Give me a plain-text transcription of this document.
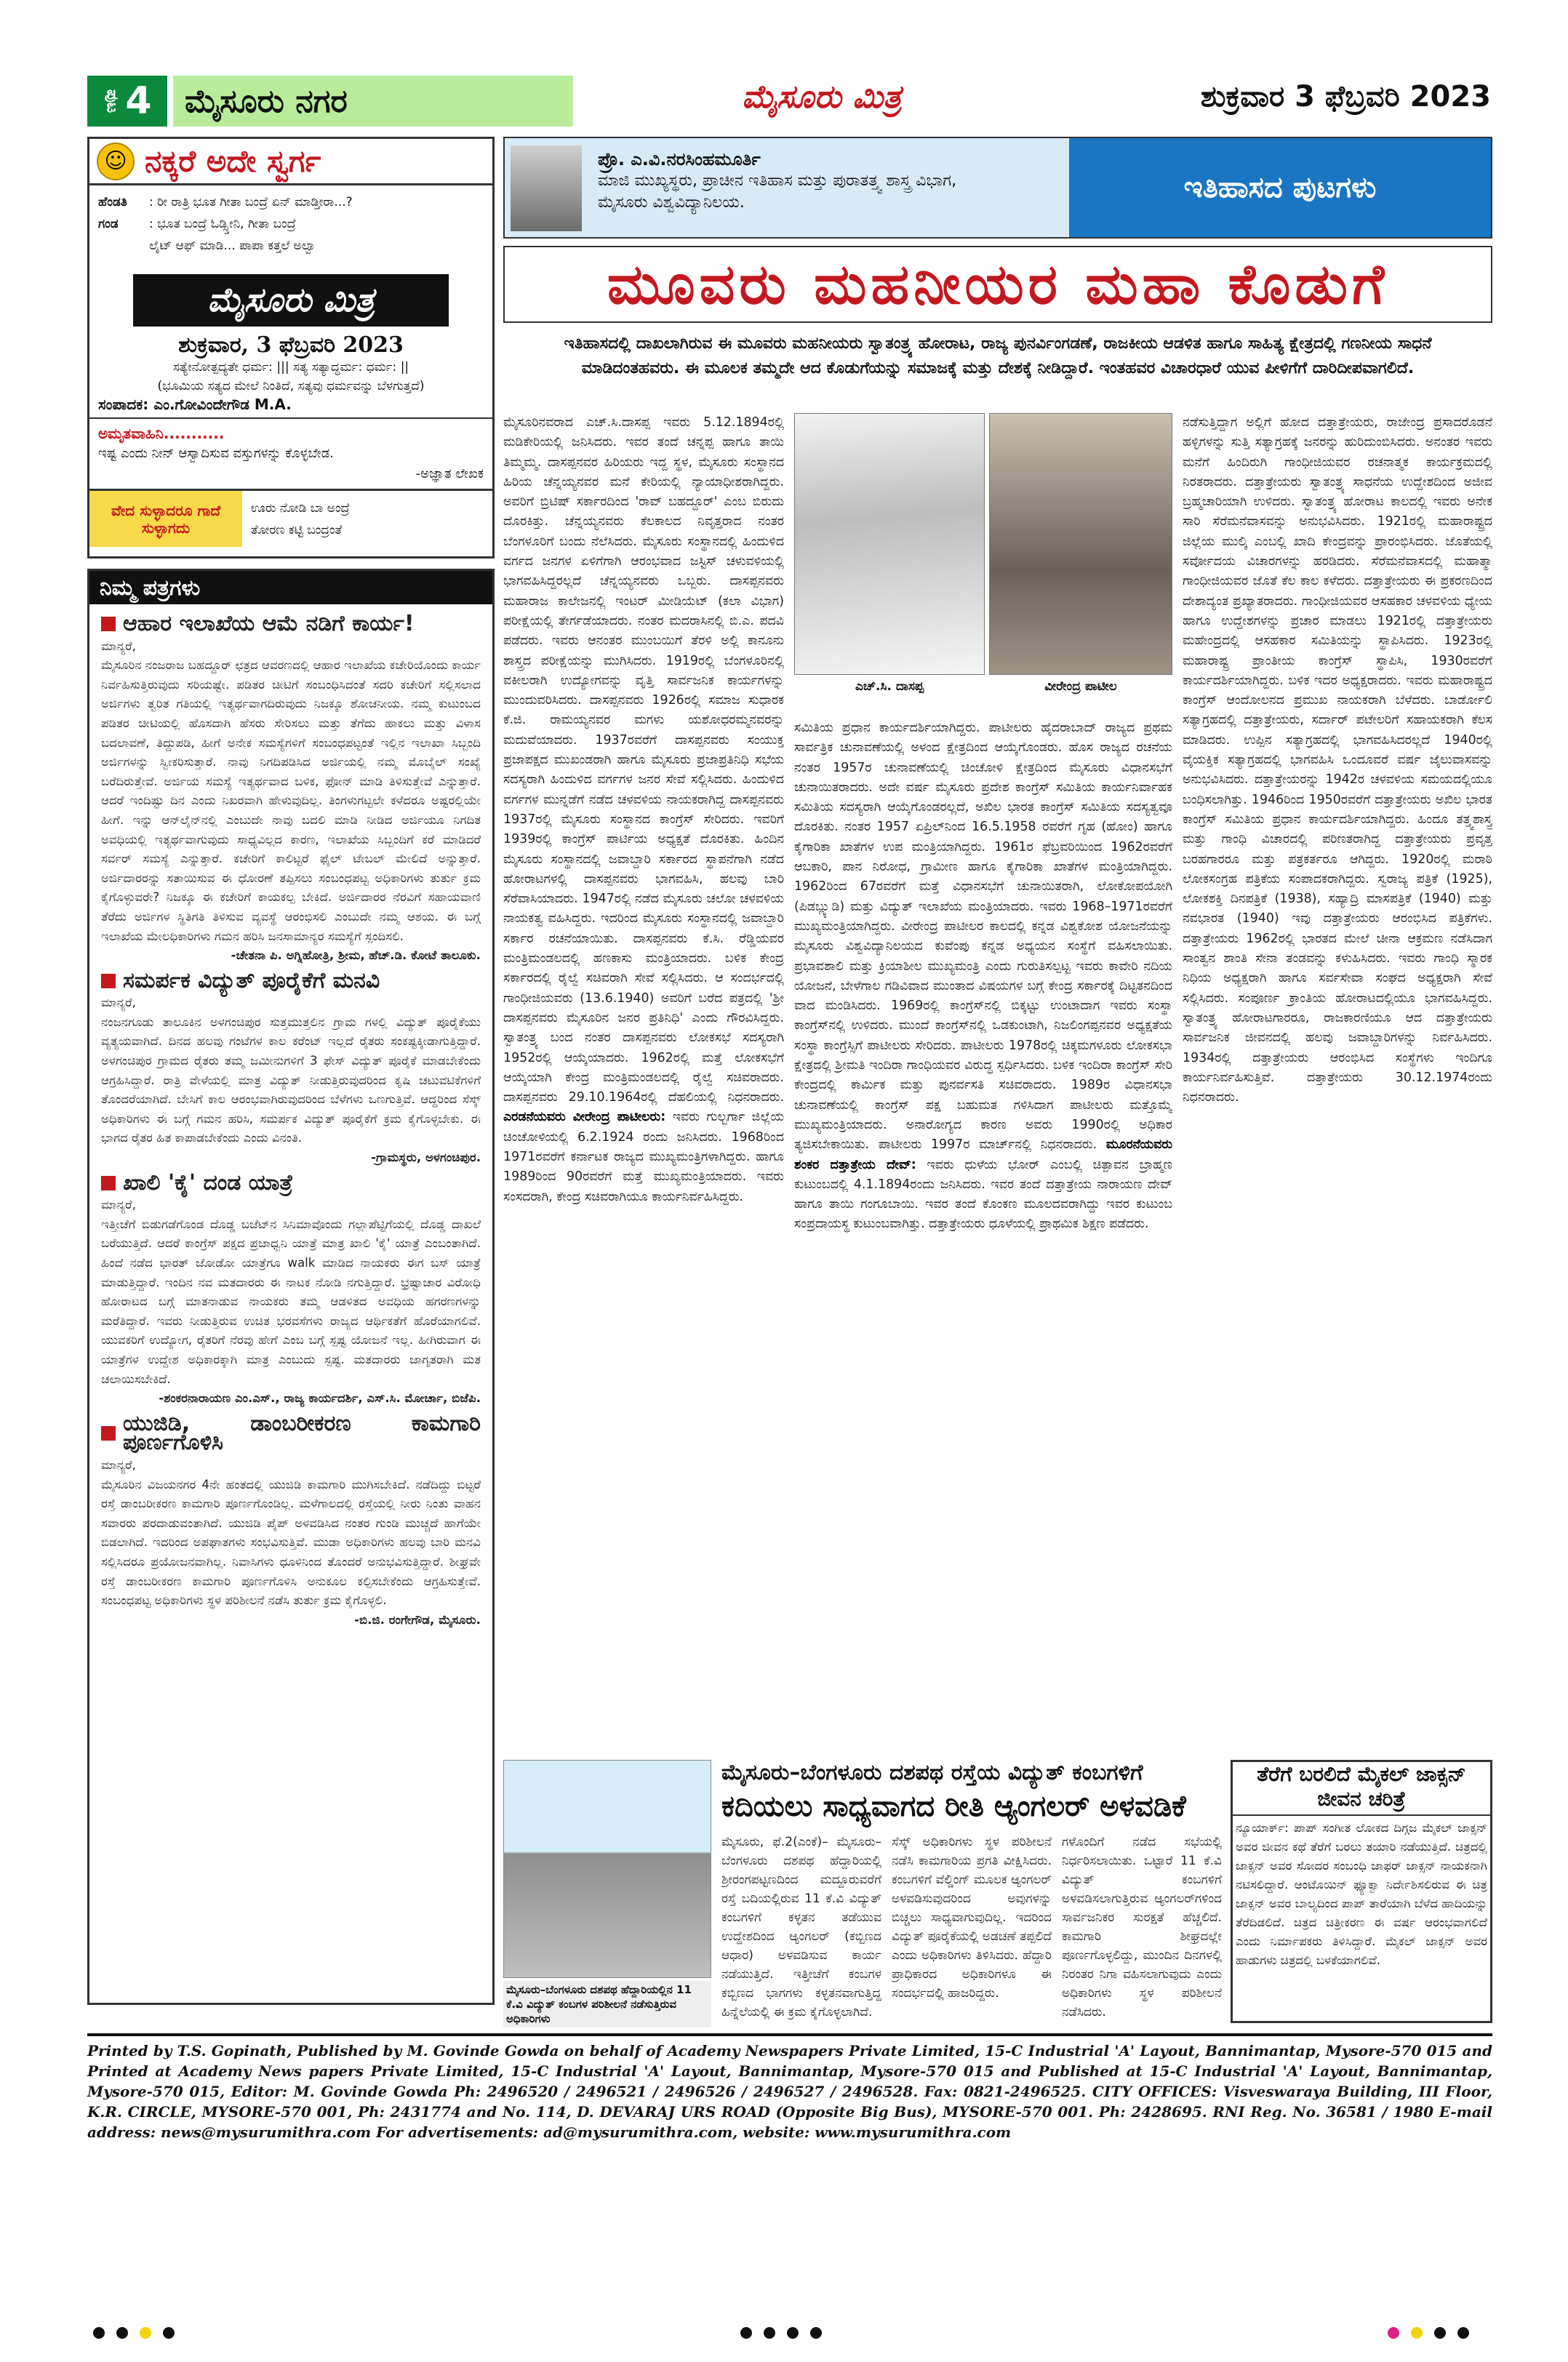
ಪುಟ 4	ಮೈಸೂರು ನಗರ	ಮೈಸೂರು ಮಿತ್ರ	ಶುಕ್ರವಾರ 3 ಫೆಬ್ರವರಿ 2023
☺ ನಕ್ಕರೆ ಅದೇ ಸ್ವರ್ಗ
ಹೆಂಡತಿ : ರೀ ರಾತ್ರಿ ಭೂತ ಗೀತಾ ಬಂದ್ರೆ ಏನ್ ಮಾಡ್ತೀರಾ...?
ಗಂಡ : ಭೂತ ಬಂದ್ರೆ ಓಡ್ಸ್ತೀನಿ, ಗೀತಾ ಬಂದ್ರೆ
ಲೈಟ್ ಆಫ್ ಮಾಡಿ... ಪಾಪಾ ಕತ್ತಲೆ ಅಲ್ವಾ
ಮೈಸೂರು ಮಿತ್ರ
ಶುಕ್ರವಾರ, 3 ಫೆಬ್ರವರಿ 2023
ಸತ್ಯೇನೋತ್ಪದ್ಯತೇ ಧರ್ಮ: ||| ಸತ್ಯ ಸತ್ಯಾದ್ಧರ್ಮ: ಧರ್ಮ: ||
(ಭೂಮಿಯ ಸತ್ಯದ ಮೇಲೆ ನಿಂತಿದೆ, ಸತ್ಯವು ಧರ್ಮವನ್ನು ಬೆಳಗುತ್ತದೆ)
ಸಂಪಾದಕ: ಎಂ.ಗೋವಿಂದೇಗೌಡ M.A.
ಅಮೃತವಾಹಿನಿ...........
ಇಷ್ಟ ಎಂದು ನೀನ್ ಆಸ್ವಾದಿಸುವ ವಸ್ತುಗಳನ್ನು ಕೊಳ್ಳಬೇಡ.
-ಅಜ್ಞಾತ ಲೇಖಕ
ವೇದ ಸುಳ್ಳಾದರೂ ಗಾದೆ ಸುಳ್ಳಾಗದು
ಊರು ನೋಡಿ ಬಾ ಅಂದ್ರೆ
ತೋರಣ ಕಟ್ಟಿ ಬಂದ್ರಂತೆ
ನಿಮ್ಮ ಪತ್ರಗಳು
ಆಹಾರ ಇಲಾಖೆಯ ಆಮೆ ನಡಿಗೆ ಕಾರ್ಯ!
ಮಾನ್ಯರೆ,
ಮೈಸೂರಿನ ನಂಜರಾಜ ಬಹದ್ದೂರ್ ಛತ್ರದ ಆವರಣದಲ್ಲಿ ಆಹಾರ ಇಲಾಖೆಯ ಕಚೇರಿಯೊಂದು ಕಾರ್ಯ ನಿರ್ವಹಿಸುತ್ತಿರುವುದು ಸರಿಯಷ್ಟೇ. ಪಡಿತರ ಚೀಟಿಗೆ ಸಂಬಂಧಿಸಿದಂತೆ ಸದರಿ ಕಚೇರಿಗೆ ಸಲ್ಲಿಸಲಾದ ಅರ್ಜಿಗಳು ತ್ವರಿತ ಗತಿಯಲ್ಲಿ ಇತ್ಯರ್ಥವಾಗದಿರುವುದು ನಿಜಕ್ಕೂ ಶೋಚನೀಯ. ನಮ್ಮ ಕುಟುಂಬದ ಪಡಿತರ ಚೀಟಿಯಲ್ಲಿ ಹೊಸದಾಗಿ ಹೆಸರು ಸೇರಿಸಲು ಮತ್ತು ತೆಗೆದು ಹಾಕಲು ಮತ್ತು ವಿಳಾಸ ಬದಲಾವಣೆ, ತಿದ್ದುಪಡಿ, ಹೀಗೆ ಅನೇಕ ಸಮಸ್ಯೆಗಳಿಗೆ ಸಂಬಂಧಪಟ್ಟಂತೆ ಇಲ್ಲಿನ ಇಲಾಖಾ ಸಿಬ್ಬಂದಿ ಅರ್ಜಿಗಳನ್ನು ಸ್ವೀಕರಿಸುತ್ತಾರೆ. ನಾವು ನಿಗದಿಪಡಿಸಿದ ಅರ್ಜಿಯಲ್ಲಿ ನಮ್ಮ ಮೊಬೈಲ್ ಸಂಖ್ಯೆ ಬರೆದಿರುತ್ತೇವೆ. ಅರ್ಜಿಯ ಸಮಸ್ಯೆ ಇತ್ಯರ್ಥವಾದ ಬಳಿಕ, ಫೋನ್ ಮಾಡಿ ತಿಳಿಸುತ್ತೇವೆ ಎನ್ನುತ್ತಾರೆ. ಆದರೆ ಇಂದಿಷ್ಟು ದಿನ ಎಂದು ನಿಖರವಾಗಿ ಹೇಳುವುದಿಲ್ಲ. ತಿಂಗಳುಗಟ್ಟಲೇ ಕಳೆದರೂ ಅಷ್ಟರಲ್ಲಿಯೇ ಹೀಗೆ. ಇನ್ನು ಆನ್‌ಲೈನ್‌ನಲ್ಲಿ ಎಂಬುದೇ ನಾವು ಬದಲಿ ಮಾಡಿ ನೀಡಿದ ಅರ್ಜಿಯೂ ನಿಗದಿತ ಅವಧಿಯಲ್ಲಿ ಇತ್ಯರ್ಥವಾಗುವುದು ಸಾಧ್ಯವಿಲ್ಲದ ಕಾರಣ, ಇಲಾಖೆಯ ಸಿಬ್ಬಂದಿಗೆ ಕರೆ ಮಾಡಿದರೆ ಸರ್ವರ್ ಸಮಸ್ಯೆ ಎನ್ನುತ್ತಾರೆ. ಕಚೇರಿಗೆ ಕಾಲಿಟ್ಟರೆ ಫೈಲ್ ಟೇಬಲ್ ಮೇಲಿದೆ ಅನ್ನುತ್ತಾರೆ. ಅರ್ಜಿದಾರರನ್ನು ಸತಾಯಿಸುವ ಈ ಧೋರಣೆ ತಪ್ಪಿಸಲು ಸಂಬಂಧಪಟ್ಟ ಅಧಿಕಾರಿಗಳು ತುರ್ತು ಕ್ರಮ ಕೈಗೊಳ್ಳುವರೇ? ನಿಜಕ್ಕೂ ಈ ಕಚೇರಿಗೆ ಕಾಯಕಲ್ಪ ಬೇಕಿದೆ. ಅರ್ಜಿದಾರರ ನೆರವಿಗೆ ಸಹಾಯವಾಣಿ ತೆರೆದು ಅರ್ಜಿಗಳ ಸ್ಥಿತಿಗತಿ ತಿಳಿಸುವ ವ್ಯವಸ್ಥೆ ಆರಂಭಿಸಲಿ ಎಂಬುದೇ ನಮ್ಮ ಆಶಯ. ಈ ಬಗ್ಗೆ ಇಲಾಖೆಯ ಮೇಲಧಿಕಾರಿಗಳು ಗಮನ ಹರಿಸಿ ಜನಸಾಮಾನ್ಯರ ಸಮಸ್ಯೆಗೆ ಸ್ಪಂದಿಸಲಿ.
-ಚೇತನಾ ಪಿ. ಅಗ್ನಿಹೋತ್ರಿ, ಶ್ರೀಮ, ಹೆಚ್.ಡಿ. ಕೋಟೆ ತಾಲೂಕು.
ಸಮರ್ಪಕ ವಿದ್ಯುತ್ ಪೂರೈಕೆಗೆ ಮನವಿ
ಮಾನ್ಯರೆ,
ನಂಜನಗೂಡು ತಾಲೂಕಿನ ಅಳಗಂಚಿಪುರ ಸುತ್ತಮುತ್ತಲಿನ ಗ್ರಾಮ ಗಳಲ್ಲಿ ವಿದ್ಯುತ್ ಪೂರೈಕೆಯು ವ್ಯತ್ಯಯವಾಗಿದೆ. ದಿನದ ಹಲವು ಗಂಟೆಗಳ ಕಾಲ ಕರೆಂಟ್ ಇಲ್ಲದೆ ರೈತರು ಸಂಕಷ್ಟಕ್ಕೀಡಾಗುತ್ತಿದ್ದಾರೆ. ಅಳಗಂಚಿಪುರ ಗ್ರಾಮದ ರೈತರು ತಮ್ಮ ಜಮೀನುಗಳಿಗೆ 3 ಫೇಸ್ ವಿದ್ಯುತ್ ಪೂರೈಕೆ ಮಾಡಬೇಕೆಂದು ಆಗ್ರಹಿಸಿದ್ದಾರೆ. ರಾತ್ರಿ ವೇಳೆಯಲ್ಲಿ ಮಾತ್ರ ವಿದ್ಯುತ್ ನೀಡುತ್ತಿರುವುದರಿಂದ ಕೃಷಿ ಚಟುವಟಿಕೆಗಳಿಗೆ ತೊಂದರೆಯಾಗಿದೆ. ಬೇಸಿಗೆ ಕಾಲ ಆರಂಭವಾಗಿರುವುದರಿಂದ ಬೆಳೆಗಳು ಒಣಗುತ್ತಿವೆ. ಆದ್ದರಿಂದ ಸೆಸ್ಕ್ ಅಧಿಕಾರಿಗಳು ಈ ಬಗ್ಗೆ ಗಮನ ಹರಿಸಿ, ಸಮರ್ಪಕ ವಿದ್ಯುತ್ ಪೂರೈಕೆಗೆ ಕ್ರಮ ಕೈಗೊಳ್ಳಬೇಕು. ಈ ಭಾಗದ ರೈತರ ಹಿತ ಕಾಪಾಡಬೇಕೆಂದು ಎಂದು ವಿನಂತಿ.
-ಗ್ರಾಮಸ್ಥರು, ಅಳಗಂಚಿಪುರ.
ಖಾಲಿ 'ಕೈ' ದಂಡ ಯಾತ್ರೆ
ಮಾನ್ಯರೆ,
ಇತ್ತೀಚೆಗೆ ಬಿಡುಗಡೆಗೊಂಡ ದೊಡ್ಡ ಬಜೆಟ್‌ನ ಸಿನಿಮಾವೊಂದು ಗಲ್ಲಾಪೆಟ್ಟಿಗೆಯಲ್ಲಿ ದೊಡ್ಡ ದಾಖಲೆ ಬರೆಯುತ್ತಿದೆ. ಆದರೆ ಕಾಂಗ್ರೆಸ್ ಪಕ್ಷದ ಪ್ರಜಾಧ್ವನಿ ಯಾತ್ರೆ ಮಾತ್ರ ಖಾಲಿ 'ಕೈ' ಯಾತ್ರೆ ಎಂಬಂತಾಗಿದೆ. ಹಿಂದೆ ನಡೆದ ಭಾರತ್ ಜೋಡೋ ಯಾತ್ರೆಗೂ walk ಮಾಡಿದ ನಾಯಕರು ಈಗ ಬಸ್ ಯಾತ್ರೆ ಮಾಡುತ್ತಿದ್ದಾರೆ. ಇಂದಿನ ನವ ಮತದಾರರು ಈ ನಾಟಕ ನೋಡಿ ನಗುತ್ತಿದ್ದಾರೆ. ಭ್ರಷ್ಟಾಚಾರ ವಿರೋಧಿ ಹೋರಾಟದ ಬಗ್ಗೆ ಮಾತನಾಡುವ ನಾಯಕರು ತಮ್ಮ ಆಡಳಿತದ ಅವಧಿಯ ಹಗರಣಗಳನ್ನು ಮರೆತಿದ್ದಾರೆ. ಇವರು ನೀಡುತ್ತಿರುವ ಉಚಿತ ಭರವಸೆಗಳು ರಾಜ್ಯದ ಆರ್ಥಿಕತೆಗೆ ಹೊರೆಯಾಗಲಿವೆ. ಯುವಕರಿಗೆ ಉದ್ಯೋಗ, ರೈತರಿಗೆ ನೆರವು ಹೇಗೆ ಎಂಬ ಬಗ್ಗೆ ಸ್ಪಷ್ಟ ಯೋಜನೆ ಇಲ್ಲ. ಹೀಗಿರುವಾಗ ಈ ಯಾತ್ರೆಗಳ ಉದ್ದೇಶ ಅಧಿಕಾರಕ್ಕಾಗಿ ಮಾತ್ರ ಎಂಬುದು ಸ್ಪಷ್ಟ. ಮತದಾರರು ಜಾಗೃತರಾಗಿ ಮತ ಚಲಾಯಿಸಬೇಕಿದೆ.
-ಶಂಕರನಾರಾಯಣ ಎಂ.ಎಸ್., ರಾಜ್ಯ ಕಾರ್ಯದರ್ಶಿ, ಎಸ್.ಸಿ. ಮೋರ್ಚಾ, ಬಿಜೆಪಿ.
ಯುಜಿಡಿ, ಡಾಂಬರೀಕರಣ ಕಾಮಗಾರಿ ಪೂರ್ಣಗೊಳಿಸಿ
ಮಾನ್ಯರೆ,
ಮೈಸೂರಿನ ವಿಜಯನಗರ 4ನೇ ಹಂತದಲ್ಲಿ ಯುಜಿಡಿ ಕಾಮಗಾರಿ ಮುಗಿಸಬೇಕಿದೆ. ನಡೆದಿದ್ದು ಬಿಟ್ಟರೆ ರಸ್ತೆ ಡಾಂಬರೀಕರಣ ಕಾಮಗಾರಿ ಪೂರ್ಣಗೊಂಡಿಲ್ಲ. ಮಳೆಗಾಲದಲ್ಲಿ ರಸ್ತೆಯಲ್ಲಿ ನೀರು ನಿಂತು ವಾಹನ ಸವಾರರು ಪರದಾಡುವಂತಾಗಿದೆ. ಯುಜಿಡಿ ಪೈಪ್ ಅಳವಡಿಸಿದ ನಂತರ ಗುಂಡಿ ಮುಚ್ಚದೆ ಹಾಗೆಯೇ ಬಿಡಲಾಗಿದೆ. ಇದರಿಂದ ಅಪಘಾತಗಳು ಸಂಭವಿಸುತ್ತಿವೆ. ಮುಡಾ ಅಧಿಕಾರಿಗಳು ಹಲವು ಬಾರಿ ಮನವಿ ಸಲ್ಲಿಸಿದರೂ ಪ್ರಯೋಜನವಾಗಿಲ್ಲ. ನಿವಾಸಿಗಳು ಧೂಳಿನಿಂದ ತೊಂದರೆ ಅನುಭವಿಸುತ್ತಿದ್ದಾರೆ. ಶೀಘ್ರವೇ ರಸ್ತೆ ಡಾಂಬರೀಕರಣ ಕಾಮಗಾರಿ ಪೂರ್ಣಗೊಳಿಸಿ ಅನುಕೂಲ ಕಲ್ಪಿಸಬೇಕೆಂದು ಆಗ್ರಹಿಸುತ್ತೇವೆ. ಸಂಬಂಧಪಟ್ಟ ಅಧಿಕಾರಿಗಳು ಸ್ಥಳ ಪರಿಶೀಲನೆ ನಡೆಸಿ ತುರ್ತು ಕ್ರಮ ಕೈಗೊಳ್ಳಲಿ.
-ಬಿ.ಜಿ. ರಂಗೇಗೌಡ, ಮೈಸೂರು.
ಪ್ರೊ. ಎ.ವಿ.ನರಸಿಂಹಮೂರ್ತಿ
ಮಾಜಿ ಮುಖ್ಯಸ್ಥರು, ಪ್ರಾಚೀನ ಇತಿಹಾಸ ಮತ್ತು ಪುರಾತತ್ತ್ವ ಶಾಸ್ತ್ರ ವಿಭಾಗ,
ಮೈಸೂರು ವಿಶ್ವವಿದ್ಯಾನಿಲಯ.	ಇತಿಹಾಸದ ಪುಟಗಳು
ಮೂವರು ಮಹನೀಯರ ಮಹಾ ಕೊಡುಗೆ
ಇತಿಹಾಸದಲ್ಲಿ ದಾಖಲಾಗಿರುವ ಈ ಮೂವರು ಮಹನೀಯರು ಸ್ವಾತಂತ್ರ್ಯ ಹೋರಾಟ, ರಾಜ್ಯ ಪುನರ್ವಿಂಗಡಣೆ, ರಾಜಕೀಯ ಆಡಳಿತ ಹಾಗೂ ಸಾಹಿತ್ಯ ಕ್ಷೇತ್ರದಲ್ಲಿ ಗಣನೀಯ ಸಾಧನೆ ಮಾಡಿದಂತಹವರು. ಈ ಮೂಲಕ ತಮ್ಮದೇ ಆದ ಕೊಡುಗೆಯನ್ನು ಸಮಾಜಕ್ಕೆ ಮತ್ತು ದೇಶಕ್ಕೆ ನೀಡಿದ್ದಾರೆ. ಇಂತಹವರ ವಿಚಾರಧಾರೆ ಯುವ ಪೀಳಿಗೆಗೆ ದಾರಿದೀಪವಾಗಲಿದೆ.
ಮೈಸೂರಿನವರಾದ ಎಚ್.ಸಿ.ದಾಸಪ್ಪ ಇವರು 5.12.1894ರಲ್ಲಿ ಮಡಿಕೇರಿಯಲ್ಲಿ ಜನಿಸಿದರು. ಇವರ ತಂದೆ ಚನ್ನಪ್ಪ ಹಾಗೂ ತಾಯಿ ತಿಮ್ಮಮ್ಮ. ದಾಸಪ್ಪನವರ ಹಿರಿಯರು ಇದ್ದ ಸ್ಥಳ, ಮೈಸೂರು ಸಂಸ್ಥಾನದ ಹಿರಿಯ ಚೆನ್ನಯ್ಯನವರ ಮನೆ ಕೇರಿಯಲ್ಲಿ ನ್ಯಾಯಾಧೀಶರಾಗಿದ್ದರು. ಅವರಿಗೆ ಬ್ರಿಟಿಷ್ ಸರ್ಕಾರದಿಂದ 'ರಾವ್ ಬಹದ್ದೂರ್' ಎಂಬ ಬಿರುದು ದೊರಕಿತ್ತು. ಚೆನ್ನಯ್ಯನವರು ಕೆಲಕಾಲದ ನಿವೃತ್ತರಾದ ನಂತರ ಬೆಂಗಳೂರಿಗೆ ಬಂದು ನೆಲೆಸಿದರು. ಮೈಸೂರು ಸಂಸ್ಥಾನದಲ್ಲಿ ಹಿಂದುಳಿದ ವರ್ಗದ ಜನಗಳ ಏಳಿಗೆಗಾಗಿ ಆರಂಭವಾದ ಜಸ್ಟಿಸ್ ಚಳುವಳಿಯಲ್ಲಿ ಭಾಗವಹಿಸಿದ್ದರಲ್ಲದೆ ಚೆನ್ನಯ್ಯನವರು ಒಬ್ಬರು. ದಾಸಪ್ಪನವರು ಮಹಾರಾಜ ಕಾಲೇಜನಲ್ಲಿ ಇಂಟರ್ ಮೀಡಿಯೆಟ್ (ಕಲಾ ವಿಭಾಗ) ಪರೀಕ್ಷೆಯಲ್ಲಿ ತೇರ್ಗಡೆಯಾದರು. ನಂತರ ಮದರಾಸಿನಲ್ಲಿ ಬಿ.ಎ. ಪದವಿ ಪಡೆದರು. ಇವರು ಆನಂತರ ಮುಂಬಯಿಗೆ ತೆರಳಿ ಅಲ್ಲಿ ಕಾನೂನು ಶಾಸ್ತ್ರದ ಪರೀಕ್ಷೆಯನ್ನು ಮುಗಿಸಿದರು. 1919ರಲ್ಲಿ ಬೆಂಗಳೂರಿನಲ್ಲಿ ವಕೀಲರಾಗಿ ಉದ್ಯೋಗವನ್ನು ವೃತ್ತಿ ಸಾರ್ವಜನಿಕ ಕಾರ್ಯಗಳನ್ನು ಮುಂದುವರಿಸಿದರು. ದಾಸಪ್ಪನವರು 1926ರಲ್ಲಿ ಸಮಾಜ ಸುಧಾರಕ ಕೆ.ಜಿ. ರಾಮಯ್ಯನವರ ಮಗಳು ಯಶೋಧರಮ್ಮನವರನ್ನು ಮದುವೆಯಾದರು. 1937ರವರೆಗೆ ದಾಸಪ್ಪನವರು ಸಂಯುಕ್ತ ಪ್ರಜಾಪಕ್ಷದ ಮುಖಂಡರಾಗಿ ಹಾಗೂ ಮೈಸೂರು ಪ್ರಜಾಪ್ರತಿನಿಧಿ ಸಭೆಯ ಸದಸ್ಯರಾಗಿ ಹಿಂದುಳಿದ ವರ್ಗಗಳ ಜನರ ಸೇವೆ ಸಲ್ಲಿಸಿದರು. ಹಿಂದುಳಿದ ವರ್ಗಗಳ ಮುನ್ನಡೆಗೆ ನಡೆದ ಚಳವಳಿಯ ನಾಯಕರಾಗಿದ್ದ ದಾಸಪ್ಪನವರು 1937ರಲ್ಲಿ ಮೈಸೂರು ಸಂಸ್ಥಾನದ ಕಾಂಗ್ರೆಸ್ ಸೇರಿದರು. ಇವರಿಗೆ 1939ರಲ್ಲಿ ಕಾಂಗ್ರೆಸ್ ಪಾರ್ಟಿಯ ಅಧ್ಯಕ್ಷತೆ ದೊರಕಿತು. ಹಿಂದಿನ ಮೈಸೂರು ಸಂಸ್ಥಾನದಲ್ಲಿ ಜವಾಬ್ದಾರಿ ಸರ್ಕಾರದ ಸ್ಥಾಪನೆಗಾಗಿ ನಡೆದ ಹೋರಾಟಗಳಲ್ಲಿ ದಾಸಪ್ಪನವರು ಭಾಗವಹಿಸಿ, ಹಲವು ಬಾರಿ ಸೆರೆವಾಸಿಯಾದರು. 1947ರಲ್ಲಿ ನಡೆದ ಮೈಸೂರು ಚಲೋ ಚಳವಳಿಯ ನಾಯಕತ್ವ ವಹಿಸಿದ್ದರು. ಇದರಿಂದ ಮೈಸೂರು ಸಂಸ್ಥಾನದಲ್ಲಿ ಜವಾಬ್ದಾರಿ ಸರ್ಕಾರ ರಚನೆಯಾಯಿತು. ದಾಸಪ್ಪನವರು ಕೆ.ಸಿ. ರೆಡ್ಡಿಯವರ ಮಂತ್ರಿಮಂಡಲದಲ್ಲಿ ಹಣಕಾಸು ಮಂತ್ರಿಯಾದರು. ಬಳಿಕ ಕೇಂದ್ರ ಸರ್ಕಾರದಲ್ಲಿ ರೈಲ್ವೆ ಸಚಿವರಾಗಿ ಸೇವೆ ಸಲ್ಲಿಸಿದರು. ಆ ಸಂದರ್ಭದಲ್ಲಿ ಗಾಂಧೀಜಿಯವರು (13.6.1940) ಅವರಿಗೆ ಬರೆದ ಪತ್ರದಲ್ಲಿ 'ಶ್ರೀ ದಾಸಪ್ಪನವರು ಮೈಸೂರಿನ ಜನರ ಪ್ರತಿನಿಧಿ' ಎಂದು ಗೌರವಿಸಿದ್ದರು. ಸ್ವಾತಂತ್ರ್ಯ ಬಂದ ನಂತರ ದಾಸಪ್ಪನವರು ಲೋಕಸಭೆ ಸದಸ್ಯರಾಗಿ 1952ರಲ್ಲಿ ಆಯ್ಕೆಯಾದರು. 1962ರಲ್ಲಿ ಮತ್ತೆ ಲೋಕಸಭೆಗೆ ಆಯ್ಕೆಯಾಗಿ ಕೇಂದ್ರ ಮಂತ್ರಿಮಂಡಲದಲ್ಲಿ ರೈಲ್ವೆ ಸಚಿವರಾದರು. ದಾಸಪ್ಪನವರು 29.10.1964ರಲ್ಲಿ ದೆಹಲಿಯಲ್ಲಿ ನಿಧನರಾದರು. ಎರಡನೆಯವರು ವೀರೇಂದ್ರ ಪಾಟೀಲರು: ಇವರು ಗುಲ್ಬರ್ಗಾ ಜಿಲ್ಲೆಯ ಚಿಂಚೋಳಿಯಲ್ಲಿ 6.2.1924 ರಂದು ಜನಿಸಿದರು. 1968ರಿಂದ 1971ರವರೆಗೆ ಕರ್ನಾಟಕ ರಾಜ್ಯದ ಮುಖ್ಯಮಂತ್ರಿಗಳಾಗಿದ್ದರು. ಹಾಗೂ 1989ರಿಂದ 90ರವರೆಗೆ ಮತ್ತೆ ಮುಖ್ಯಮಂತ್ರಿಯಾದರು. ಇವರು ಸಂಸದರಾಗಿ, ಕೇಂದ್ರ ಸಚಿವರಾಗಿಯೂ ಕಾರ್ಯನಿರ್ವಹಿಸಿದ್ದರು.
ಎಚ್.ಸಿ. ದಾಸಪ್ಪ	ವೀರೇಂದ್ರ ಪಾಟೀಲ
ಸಮಿತಿಯ ಪ್ರಧಾನ ಕಾರ್ಯದರ್ಶಿಯಾಗಿದ್ದರು. ಪಾಟೀಲರು ಹೈದರಾಬಾದ್ ರಾಜ್ಯದ ಪ್ರಥಮ ಸಾರ್ವತ್ರಿಕ ಚುನಾವಣೆಯಲ್ಲಿ ಅಳಂದ ಕ್ಷೇತ್ರದಿಂದ ಆಯ್ಕೆಗೊಂಡರು. ಹೊಸ ರಾಜ್ಯದ ರಚನೆಯ ನಂತರ 1957ರ ಚುನಾವಣೆಯಲ್ಲಿ ಚಿಂಚೋಳಿ ಕ್ಷೇತ್ರದಿಂದ ಮೈಸೂರು ವಿಧಾನಸಭೆಗೆ ಚುನಾಯಿತರಾದರು. ಅದೇ ವರ್ಷ ಮೈಸೂರು ಪ್ರದೇಶ ಕಾಂಗ್ರೆಸ್ ಸಮಿತಿಯ ಕಾರ್ಯನಿರ್ವಾಹಕ ಸಮಿತಿಯ ಸದಸ್ಯರಾಗಿ ಆಯ್ಕೆಗೊಂಡರಲ್ಲದೆ, ಅಖಿಲ ಭಾರತ ಕಾಂಗ್ರೆಸ್ ಸಮಿತಿಯ ಸದಸ್ಯತ್ವವೂ ದೊರಕಿತು. ನಂತರ 1957 ಏಪ್ರಿಲ್‌ನಿಂದ 16.5.1958 ರವರೆಗೆ ಗೃಹ (ಹೋಂ) ಹಾಗೂ ಕೈಗಾರಿಕಾ ಖಾತೆಗಳ ಉಪ ಮಂತ್ರಿಯಾಗಿದ್ದರು. 1961ರ ಫೆಬ್ರವರಿಯಿಂದ 1962ರವರೆಗೆ ಆಬಕಾರಿ, ಪಾನ ನಿರೋಧ, ಗ್ರಾಮೀಣ ಹಾಗೂ ಕೈಗಾರಿಕಾ ಖಾತೆಗಳ ಮಂತ್ರಿಯಾಗಿದ್ದರು. 1962ರಿಂದ 67ರವರೆಗೆ ಮತ್ತೆ ವಿಧಾನಸಭೆಗೆ ಚುನಾಯಿತರಾಗಿ, ಲೋಕೋಪಯೋಗಿ (ಪಿಡಬ್ಲ್ಯುಡಿ) ಮತ್ತು ವಿದ್ಯುತ್ ಇಲಾಖೆಯ ಮಂತ್ರಿಯಾದರು. ಇವರು 1968–1971ರವರೆಗೆ ಮುಖ್ಯಮಂತ್ರಿಯಾಗಿದ್ದರು. ವೀರೇಂದ್ರ ಪಾಟೀಲರ ಕಾಲದಲ್ಲಿ ಕನ್ನಡ ವಿಶ್ವಕೋಶ ಯೋಜನೆಯನ್ನು ಮೈಸೂರು ವಿಶ್ವವಿದ್ಯಾನಿಲಯದ ಕುವೆಂಪು ಕನ್ನಡ ಅಧ್ಯಯನ ಸಂಸ್ಥೆಗೆ ವಹಿಸಲಾಯಿತು. ಪ್ರಭಾವಶಾಲಿ ಮತ್ತು ಕ್ರಿಯಾಶೀಲ ಮುಖ್ಯಮಂತ್ರಿ ಎಂದು ಗುರುತಿಸಲ್ಪಟ್ಟ ಇವರು ಕಾವೇರಿ ನದಿಯ ಯೋಜನೆ, ಬೇಳೆಗಾಲ ಗಡಿವಿವಾದ ಮುಂತಾದ ವಿಷಯಗಳ ಬಗ್ಗೆ ಕೇಂದ್ರ ಸರ್ಕಾರಕ್ಕೆ ದಿಟ್ಟತನದಿಂದ ವಾದ ಮಂಡಿಸಿದರು. 1969ರಲ್ಲಿ ಕಾಂಗ್ರೆಸ್‌ನಲ್ಲಿ ಬಿಕ್ಕಟ್ಟು ಉಂಟಾದಾಗ ಇವರು ಸಂಸ್ಥಾ ಕಾಂಗ್ರೆಸ್‌ನಲ್ಲಿ ಉಳಿದರು. ಮುಂದೆ ಕಾಂಗ್ರೆಸ್‌ನಲ್ಲಿ ಒಡಕುಂಟಾಗಿ, ನಿಜಲಿಂಗಪ್ಪನವರ ಅಧ್ಯಕ್ಷತೆಯ ಸಂಸ್ಥಾ ಕಾಂಗ್ರೆಸ್ಸಿಗೆ ಪಾಟೀಲರು ಸೇರಿದರು. ಪಾಟೀಲರು 1978ರಲ್ಲಿ ಚಿಕ್ಕಮಗಳೂರು ಲೋಕಸಭಾ ಕ್ಷೇತ್ರದಲ್ಲಿ ಶ್ರೀಮತಿ ಇಂದಿರಾ ಗಾಂಧಿಯವರ ವಿರುದ್ಧ ಸ್ಪರ್ಧಿಸಿದರು. ಬಳಿಕ ಇಂದಿರಾ ಕಾಂಗ್ರೆಸ್ ಸೇರಿ ಕೇಂದ್ರದಲ್ಲಿ ಕಾರ್ಮಿಕ ಮತ್ತು ಪುನರ್ವಸತಿ ಸಚಿವರಾದರು. 1989ರ ವಿಧಾನಸಭಾ ಚುನಾವಣೆಯಲ್ಲಿ ಕಾಂಗ್ರೆಸ್ ಪಕ್ಷ ಬಹುಮತ ಗಳಿಸಿದಾಗ ಪಾಟೀಲರು ಮತ್ತೊಮ್ಮೆ ಮುಖ್ಯಮಂತ್ರಿಯಾದರು. ಅನಾರೋಗ್ಯದ ಕಾರಣ ಅವರು 1990ರಲ್ಲಿ ಅಧಿಕಾರ ತ್ಯಜಿಸಬೇಕಾಯಿತು. ಪಾಟೀಲರು 1997ರ ಮಾರ್ಚ್‌ನಲ್ಲಿ ನಿಧನರಾದರು. ಮೂರನೆಯವರು ಶಂಕರ ದತ್ತಾತ್ರೇಯ ದೇವ್: ಇವರು ಧುಳೆಯ ಭೋರ್ ಎಂಬಲ್ಲಿ ಚಿತ್ಪಾವನ ಬ್ರಾಹ್ಮಣ ಕುಟುಂಬದಲ್ಲಿ 4.1.1894ರಂದು ಜನಿಸಿದರು. ಇವರ ತಂದೆ ದತ್ತಾತ್ರೇಯ ನಾರಾಯಣ ದೇವ್ ಹಾಗೂ ತಾಯಿ ಗಂಗೂಬಾಯಿ. ಇವರ ತಂದೆ ಕೊಂಕಣ ಮೂಲದವರಾಗಿದ್ದು ಇವರ ಕುಟುಂಬ ಸಂಪ್ರದಾಯಸ್ಥ ಕುಟುಂಬವಾಗಿತ್ತು. ದತ್ತಾತ್ರೇಯರು ಧೂಳೆಯಲ್ಲಿ ಪ್ರಾಥಮಿಕ ಶಿಕ್ಷಣ ಪಡೆದರು.
ನಡೆಸುತ್ತಿದ್ದಾಗ ಅಲ್ಲಿಗೆ ಹೋದ ದತ್ತಾತ್ರೇಯರು, ರಾಜೇಂದ್ರ ಪ್ರಸಾದರೊಡನೆ ಹಳ್ಳಿಗಳನ್ನು ಸುತ್ತಿ ಸತ್ಯಾಗ್ರಹಕ್ಕೆ ಜನರನ್ನು ಹುರಿದುಂಬಿಸಿದರು. ಅನಂತರ ಇವರು ಮನೆಗೆ ಹಿಂದಿರುಗಿ ಗಾಂಧೀಜಿಯವರ ರಚನಾತ್ಮಕ ಕಾರ್ಯಕ್ರಮದಲ್ಲಿ ನಿರತರಾದರು. ದತ್ತಾತ್ರೇಯರು ಸ್ವಾತಂತ್ರ್ಯ ಸಾಧನೆಯ ಉದ್ದೇಶದಿಂದ ಅಜೀವ ಬ್ರಹ್ಮಚಾರಿಯಾಗಿ ಉಳಿದರು. ಸ್ವಾತಂತ್ರ್ಯ ಹೋರಾಟ ಕಾಲದಲ್ಲಿ ಇವರು ಅನೇಕ ಸಾರಿ ಸೆರೆಮನೆವಾಸವನ್ನು ಅನುಭವಿಸಿದರು. 1921ರಲ್ಲಿ ಮಹಾರಾಷ್ಟ್ರದ ಜಿಲ್ಲೆಯ ಮುಲ್ಕಿ ಎಂಬಲ್ಲಿ ಖಾದಿ ಕೇಂದ್ರವನ್ನು ಪ್ರಾರಂಭಿಸಿದರು. ಜೊತೆಯಲ್ಲಿ ಸರ್ವೋದಯ ವಿಚಾರಗಳನ್ನು ಹರಡಿದರು. ಸೆರೆಮನೆವಾಸದಲ್ಲಿ ಮಹಾತ್ಮಾ ಗಾಂಧೀಜಿಯವರ ಜೊತೆ ಕೆಲ ಕಾಲ ಕಳೆದರು. ದತ್ತಾತ್ರೇಯರು ಈ ಪ್ರಕರಣದಿಂದ ದೇಶಾದ್ಯಂತ ಪ್ರಖ್ಯಾತರಾದರು. ಗಾಂಧೀಜಿಯವರ ಆಸಹಕಾರ ಚಳವಳಿಯ ಧ್ಯೇಯ ಹಾಗೂ ಉದ್ದೇಶಗಳನ್ನು ಪ್ರಚಾರ ಮಾಡಲು 1921ರಲ್ಲಿ ದತ್ತಾತ್ರೇಯರು ಮಹೇಂದ್ರದಲ್ಲಿ ಆಸಹಕಾರ ಸಮಿತಿಯನ್ನು ಸ್ಥಾಪಿಸಿದರು. 1923ರಲ್ಲಿ ಮಹಾರಾಷ್ಟ್ರ ಪ್ರಾಂತೀಯ ಕಾಂಗ್ರೆಸ್ ಸ್ಥಾಪಿಸಿ, 1930ರವರೆಗೆ ಕಾರ್ಯದರ್ಶಿಯಾಗಿದ್ದರು. ಬಳಿಕ ಇದರ ಅಧ್ಯಕ್ಷರಾದರು. ಇವರು ಮಹಾರಾಷ್ಟ್ರದ ಕಾಂಗ್ರೆಸ್ ಆಂದೋಲನದ ಪ್ರಮುಖ ನಾಯಕರಾಗಿ ಬೆಳೆದರು. ಬಾರ್ಡೋಲಿ ಸತ್ಯಾಗ್ರಹದಲ್ಲಿ ದತ್ತಾತ್ರೇಯರು, ಸರ್ದಾರ್ ಪಟೇಲರಿಗೆ ಸಹಾಯಕರಾಗಿ ಕೆಲಸ ಮಾಡಿದರು. ಉಪ್ಪಿನ ಸತ್ಯಾಗ್ರಹದಲ್ಲಿ ಭಾಗವಹಿಸಿದರಲ್ಲದೆ 1940ರಲ್ಲಿ ವೈಯಕ್ತಿಕ ಸತ್ಯಾಗ್ರಹದಲ್ಲಿ ಭಾಗವಹಿಸಿ ಒಂದೂವರೆ ವರ್ಷ ಜೈಲುವಾಸವನ್ನು ಅನುಭವಿಸಿದರು. ದತ್ತಾತ್ರೇಯರನ್ನು 1942ರ ಚಳವಳಿಯ ಸಮಯದಲ್ಲಿಯೂ ಬಂಧಿಸಲಾಗಿತ್ತು. 1946ರಿಂದ 1950ರವರೆಗೆ ದತ್ತಾತ್ರೇಯರು ಅಖಿಲ ಭಾರತ ಕಾಂಗ್ರೆಸ್ ಸಮಿತಿಯ ಪ್ರಧಾನ ಕಾರ್ಯದರ್ಶಿಯಾಗಿದ್ದರು. ಹಿಂದೂ ತತ್ತ್ವಶಾಸ್ತ್ರ ಮತ್ತು ಗಾಂಧಿ ವಿಚಾರದಲ್ಲಿ ಪರಿಣತರಾಗಿದ್ದ ದತ್ತಾತ್ರೇಯರು ಪ್ರವೃತ್ತ ಬರಹಗಾರರೂ ಮತ್ತು ಪತ್ರಕರ್ತರೂ ಆಗಿದ್ದರು. 1920ರಲ್ಲಿ ಮರಾಠಿ ಲೋಕಸಂಗ್ರಹ ಪತ್ರಿಕೆಯ ಸಂಪಾದಕರಾಗಿದ್ದರು. ಸ್ವರಾಜ್ಯ ಪತ್ರಿಕೆ (1925), ಲೋಕಶಕ್ತಿ ದಿನಪತ್ರಿಕೆ (1938), ಸಹ್ಯಾದ್ರಿ ಮಾಸಪತ್ರಿಕೆ (1940) ಮತ್ತು ನವಭಾರತ (1940) ಇವು ದತ್ತಾತ್ರೇಯರು ಆರಂಭಿಸಿದ ಪತ್ರಿಕೆಗಳು. ದತ್ತಾತ್ರೇಯರು 1962ರಲ್ಲಿ ಭಾರತದ ಮೇಲೆ ಚೀನಾ ಆಕ್ರಮಣ ನಡೆಸಿದಾಗ ಸಾಂತ್ವನ ಶಾಂತಿ ಸೇನಾ ತಂಡವನ್ನು ಕಳುಹಿಸಿದರು. ಇವರು ಗಾಂಧಿ ಸ್ಮಾರಕ ನಿಧಿಯ ಅಧ್ಯಕ್ಷರಾಗಿ ಹಾಗೂ ಸರ್ವಸೇವಾ ಸಂಘದ ಅಧ್ಯಕ್ಷರಾಗಿ ಸೇವೆ ಸಲ್ಲಿಸಿದರು. ಸಂಪೂರ್ಣ ಕ್ರಾಂತಿಯ ಹೋರಾಟದಲ್ಲಿಯೂ ಭಾಗವಹಿಸಿದ್ದರು. ಸ್ವಾತಂತ್ರ್ಯ ಹೋರಾಟಗಾರರೂ, ರಾಜಕಾರಣಿಯೂ ಆದ ದತ್ತಾತ್ರೇಯರು ಸಾರ್ವಜನಿಕ ಜೀವನದಲ್ಲಿ ಹಲವು ಜವಾಬ್ದಾರಿಗಳನ್ನು ನಿರ್ವಹಿಸಿದರು. 1934ರಲ್ಲಿ ದತ್ತಾತ್ರೇಯರು ಆರಂಭಿಸಿದ ಸಂಸ್ಥೆಗಳು ಇಂದಿಗೂ ಕಾರ್ಯನಿರ್ವಹಿಸುತ್ತಿವೆ. ದತ್ತಾತ್ರೇಯರು 30.12.1974ರಂದು ನಿಧನರಾದರು.
ಮೈಸೂರು–ಬೆಂಗಳೂರು ದಶಪಥ ಹೆದ್ದಾರಿಯಲ್ಲಿನ 11 ಕೆ.ವಿ ವಿದ್ಯುತ್ ಕಂಬಗಳ ಪರಿಶೀಲನೆ ನಡೆಸುತ್ತಿರುವ ಅಧಿಕಾರಿಗಳು
ಮೈಸೂರು–ಬೆಂಗಳೂರು ದಶಪಥ ರಸ್ತೆಯ ವಿದ್ಯುತ್ ಕಂಬಗಳಿಗೆ
ಕದಿಯಲು ಸಾಧ್ಯವಾಗದ ರೀತಿ ಆ್ಯಂಗಲರ್ ಅಳವಡಿಕೆ
ಮೈಸೂರು, ಫೆ.2(ಎಂಕೆ)– ಮೈಸೂರು–ಬೆಂಗಳೂರು ದಶಪಥ ಹೆದ್ದಾರಿಯಲ್ಲಿ ಶ್ರೀರಂಗಪಟ್ಟಣದಿಂದ ಮದ್ದೂರುವರೆಗೆ ರಸ್ತೆ ಬದಿಯಲ್ಲಿರುವ 11 ಕೆ.ವಿ ವಿದ್ಯುತ್ ಕಂಬಗಳಿಗೆ ಕಳ್ಳತನ ತಡೆಯುವ ಉದ್ದೇಶದಿಂದ ಆ್ಯಂಗಲರ್ (ಕಬ್ಬಿಣದ ಆಧಾರ) ಅಳವಡಿಸುವ ಕಾರ್ಯ ನಡೆಯುತ್ತಿದೆ. ಇತ್ತೀಚೆಗೆ ಕಂಬಗಳ ಕಬ್ಬಿಣದ ಭಾಗಗಳು ಕಳ್ಳತನವಾಗುತ್ತಿದ್ದ ಹಿನ್ನೆಲೆಯಲ್ಲಿ ಈ ಕ್ರಮ ಕೈಗೊಳ್ಳಲಾಗಿದೆ.
ಸೆಸ್ಕ್ ಅಧಿಕಾರಿಗಳು ಸ್ಥಳ ಪರಿಶೀಲನೆ ನಡೆಸಿ ಕಾಮಗಾರಿಯ ಪ್ರಗತಿ ವೀಕ್ಷಿಸಿದರು. ಕಂಬಗಳಿಗೆ ವೆಲ್ಡಿಂಗ್ ಮೂಲಕ ಆ್ಯಂಗಲರ್ ಅಳವಡಿಸುವುದರಿಂದ ಅವುಗಳನ್ನು ಬಿಚ್ಚಲು ಸಾಧ್ಯವಾಗುವುದಿಲ್ಲ. ಇದರಿಂದ ವಿದ್ಯುತ್ ಪೂರೈಕೆಯಲ್ಲಿ ಅಡಚಣೆ ತಪ್ಪಲಿದೆ ಎಂದು ಅಧಿಕಾರಿಗಳು ತಿಳಿಸಿದರು. ಹೆದ್ದಾರಿ ಪ್ರಾಧಿಕಾರದ ಅಧಿಕಾರಿಗಳೂ ಈ ಸಂದರ್ಭದಲ್ಲಿ ಹಾಜರಿದ್ದರು.
ಗಳೊಂದಿಗೆ ನಡೆದ ಸಭೆಯಲ್ಲಿ ನಿರ್ಧರಿಸಲಾಯಿತು. ಒಟ್ಟಾರೆ 11 ಕೆ.ವಿ ವಿದ್ಯುತ್ ಕಂಬಗಳಿಗೆ ಅಳವಡಿಸಲಾಗುತ್ತಿರುವ ಆ್ಯಂಗಲರ್‌ಗಳಿಂದ ಸಾರ್ವಜನಿಕರ ಸುರಕ್ಷತೆ ಹೆಚ್ಚಲಿದೆ. ಕಾಮಗಾರಿ ಶೀಘ್ರದಲ್ಲೇ ಪೂರ್ಣಗೊಳ್ಳಲಿದ್ದು, ಮುಂದಿನ ದಿನಗಳಲ್ಲಿ ನಿರಂತರ ನಿಗಾ ವಹಿಸಲಾಗುವುದು ಎಂದು ಅಧಿಕಾರಿಗಳು ಸ್ಥಳ ಪರಿಶೀಲನೆ ನಡೆಸಿದರು.
ತೆರೆಗೆ ಬರಲಿದೆ ಮೈಕಲ್ ಜಾಕ್ಸನ್ ಜೀವನ ಚರಿತ್ರೆ
ನ್ಯೂಯಾರ್ಕ್: ಪಾಪ್ ಸಂಗೀತ ಲೋಕದ ದಿಗ್ಗಜ ಮೈಕಲ್ ಜಾಕ್ಸನ್ ಅವರ ಜೀವನ ಕಥೆ ತೆರೆಗೆ ಬರಲು ತಯಾರಿ ನಡೆಯುತ್ತಿದೆ. ಚಿತ್ರದಲ್ಲಿ ಜಾಕ್ಸನ್ ಅವರ ಸೋದರ ಸಂಬಂಧಿ ಜಾಫರ್ ಜಾಕ್ಸನ್ ನಾಯಕನಾಗಿ ನಟಿಸಲಿದ್ದಾರೆ. ಆಂಟೊಯಿನ್ ಫ್ಯೂಕ್ವಾ ನಿರ್ದೇಶಿಸಲಿರುವ ಈ ಚಿತ್ರ ಜಾಕ್ಸನ್ ಅವರ ಬಾಲ್ಯದಿಂದ ಪಾಪ್ ತಾರೆಯಾಗಿ ಬೆಳೆದ ಹಾದಿಯನ್ನು ತೆರೆದಿಡಲಿದೆ. ಚಿತ್ರದ ಚಿತ್ರೀಕರಣ ಈ ವರ್ಷ ಆರಂಭವಾಗಲಿದೆ ಎಂದು ನಿರ್ಮಾಪಕರು ತಿಳಿಸಿದ್ದಾರೆ. ಮೈಕಲ್ ಜಾಕ್ಸನ್ ಅವರ ಹಾಡುಗಳು ಚಿತ್ರದಲ್ಲಿ ಬಳಕೆಯಾಗಲಿವೆ.
Printed by T.S. Gopinath, Published by M. Govinde Gowda on behalf of Academy Newspapers Private Limited, 15-C Industrial 'A' Layout, Bannimantap, Mysore-570 015 and Printed at Academy News papers Private Limited, 15-C Industrial 'A' Layout, Bannimantap, Mysore-570 015 and Published at 15-C Industrial 'A' Layout, Bannimantap, Mysore-570 015, Editor: M. Govinde Gowda Ph: 2496520 / 2496521 / 2496526 / 2496527 / 2496528. Fax: 0821-2496525. CITY OFFICES: Visveswaraya Building, III Floor, K.R. CIRCLE, MYSORE-570 001, Ph: 2431774 and No. 114, D. DEVARAJ URS ROAD (Opposite Big Bus), MYSORE-570 001. Ph: 2428695. RNI Reg. No. 36581 / 1980 E-mail address: news@mysurumithra.com For advertisements: ad@mysurumithra.com, website: www.mysurumithra.com
